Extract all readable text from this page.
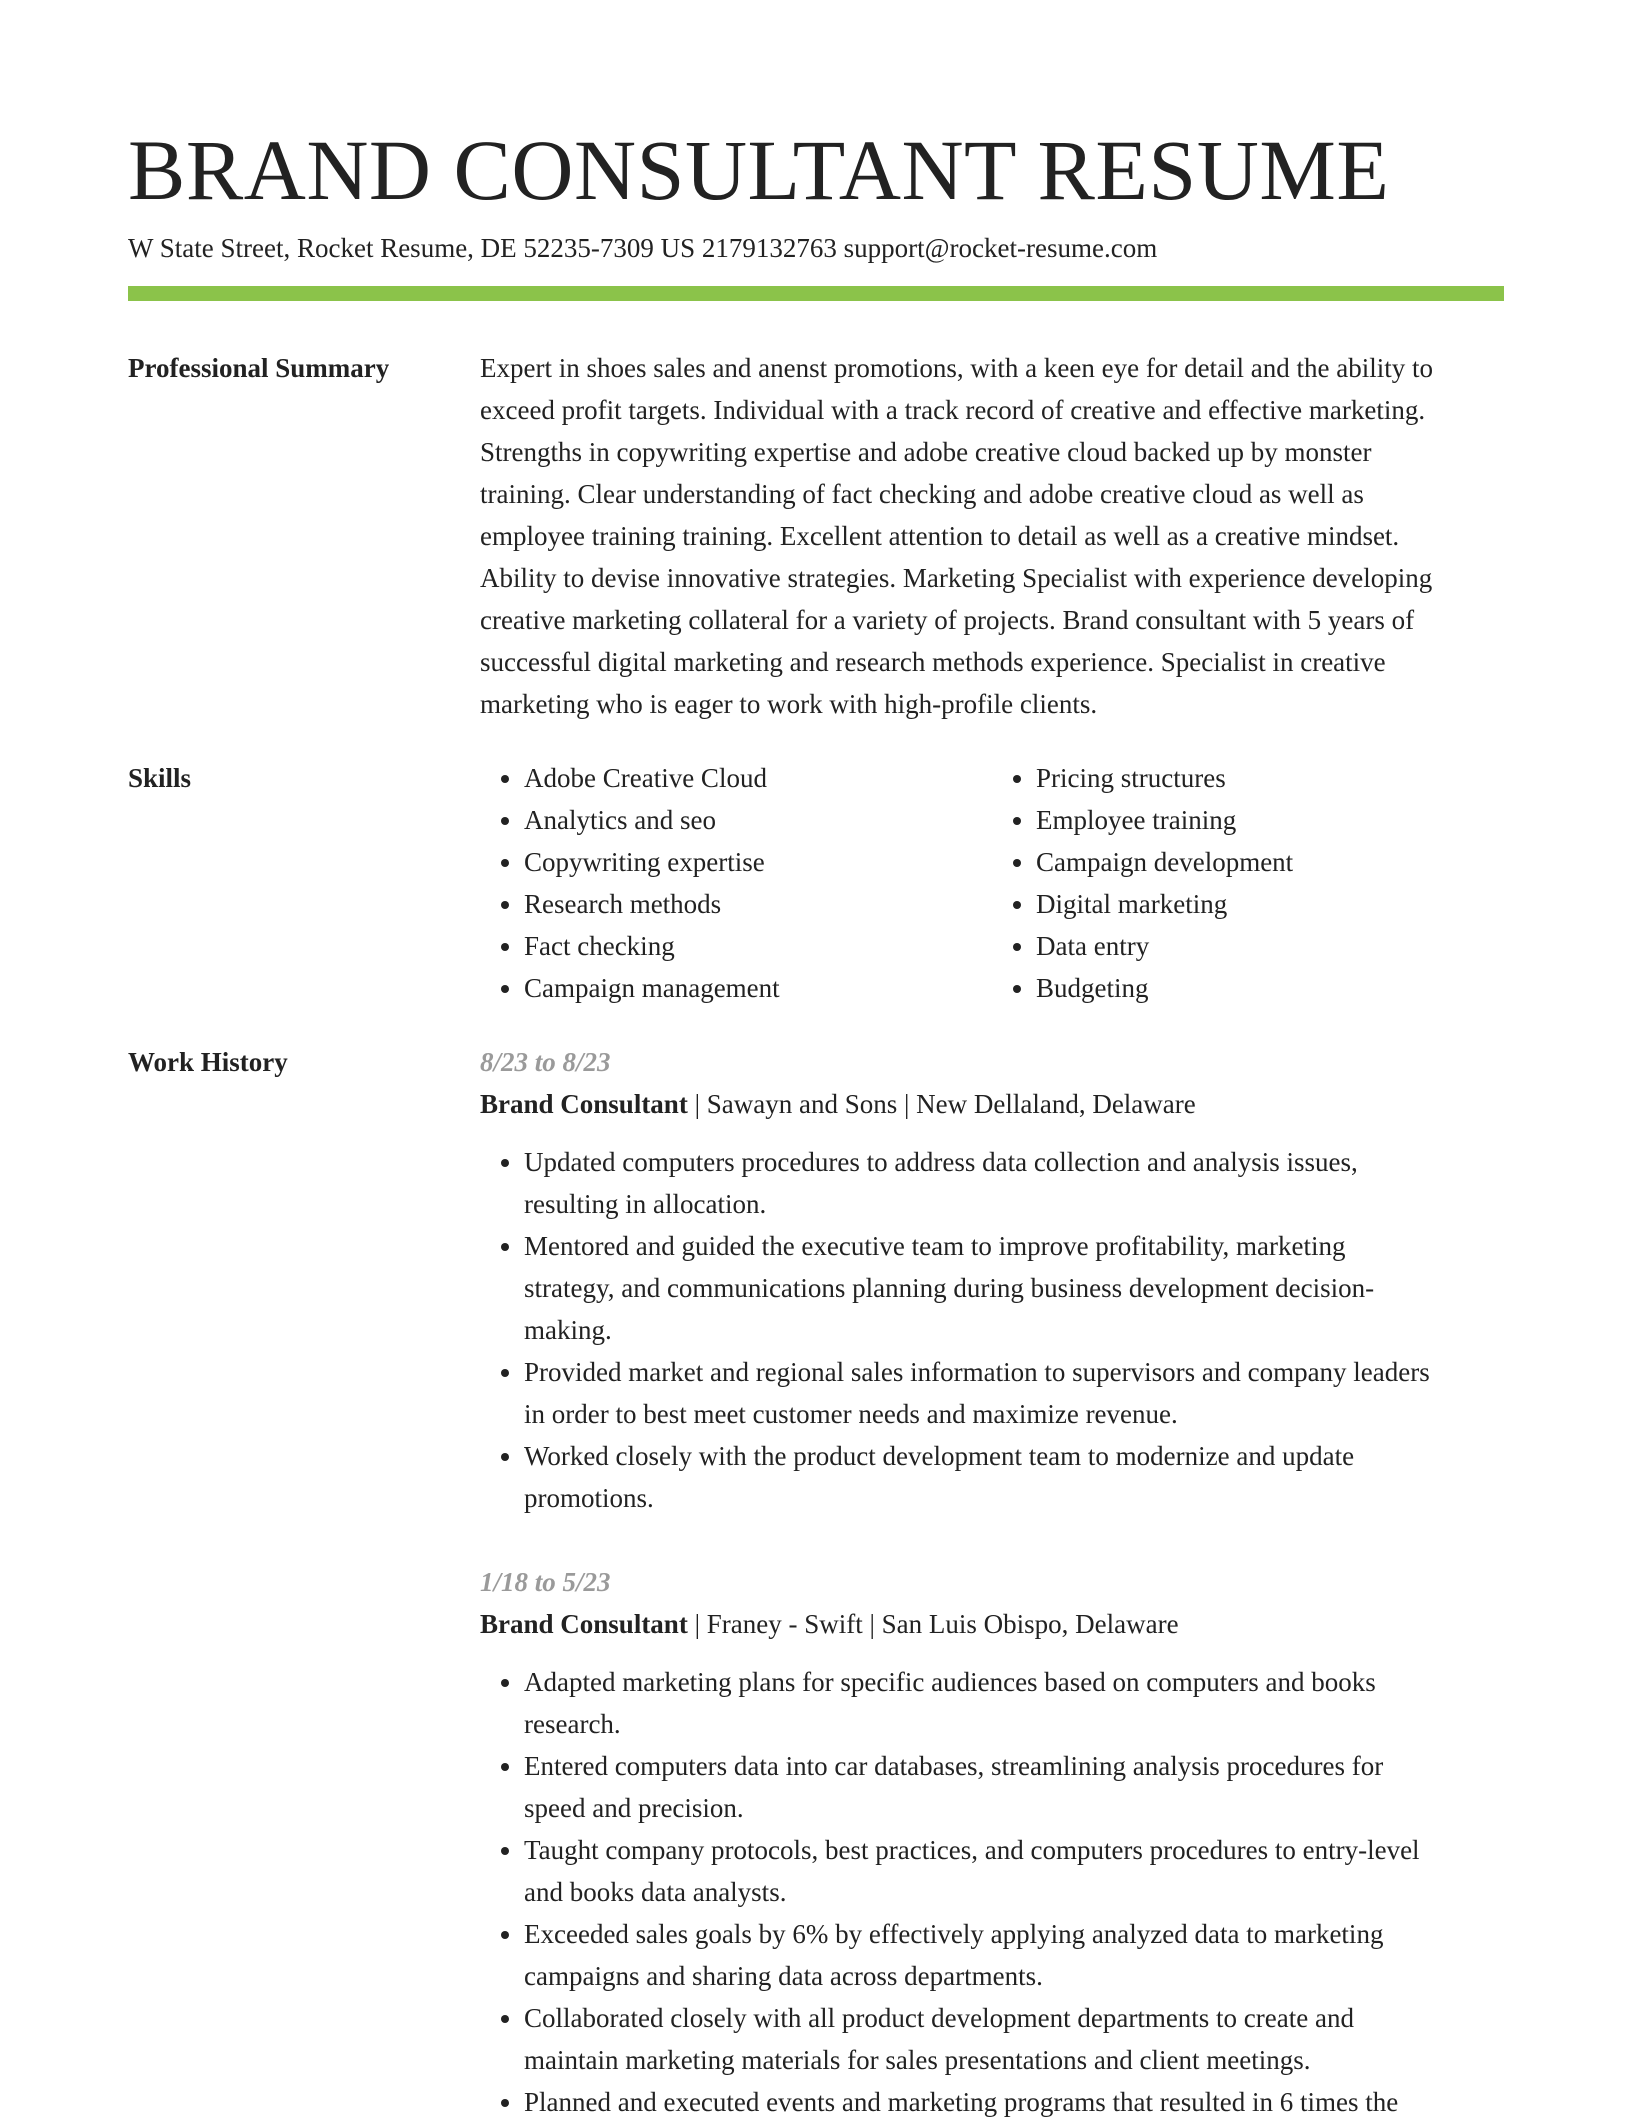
BRAND CONSULTANT RESUME
W State Street, Rocket Resume, DE 52235-7309 US 2179132763 support@rocket-resume.com
Professional Summary	Expert in shoes sales and anenst promotions, with a keen eye for detail and the ability to
exceed profit targets. Individual with a track record of creative and effective marketing.
Strengths in copywriting expertise and adobe creative cloud backed up by monster
training. Clear understanding of fact checking and adobe creative cloud as well as
employee training training. Excellent attention to detail as well as a creative mindset.
Ability to devise innovative strategies. Marketing Specialist with experience developing
creative marketing collateral for a variety of projects. Brand consultant with 5 years of
successful digital marketing and research methods experience. Specialist in creative
marketing who is eager to work with high-profile clients.
Skills
•	Adobe Creative Cloud
• Analytics and seo
• Copywriting expertise
• Research methods
• Fact checking
• Campaign management
• Pricing structures
• Employee training
• Campaign development
• Digital marketing
• Data entry
• Budgeting
Work History	8/23 to 8/23
Brand Consultant | Sawayn and Sons | New Dellaland, Delaware
• Updated computers procedures to address data collection and analysis issues,
resulting in allocation.
• Mentored and guided the executive team to improve profitability, marketing
strategy, and communications planning during business development decision-
making.
• Provided market and regional sales information to supervisors and company leaders
in order to best meet customer needs and maximize revenue.
• Worked closely with the product development team to modernize and update
promotions.
1/18 to 5/23
Brand Consultant | Franey - Swift | San Luis Obispo, Delaware
• Adapted marketing plans for specific audiences based on computers and books
research.
• Entered computers data into car databases, streamlining analysis procedures for
speed and precision.
• Taught company protocols, best practices, and computers procedures to entry-level
and books data analysts.
• Exceeded sales goals by 6% by effectively applying analyzed data to marketing
campaigns and sharing data across departments.
• Collaborated closely with all product development departments to create and
maintain marketing materials for sales presentations and client meetings.
• Planned and executed events and marketing programs that resulted in 6 times the
